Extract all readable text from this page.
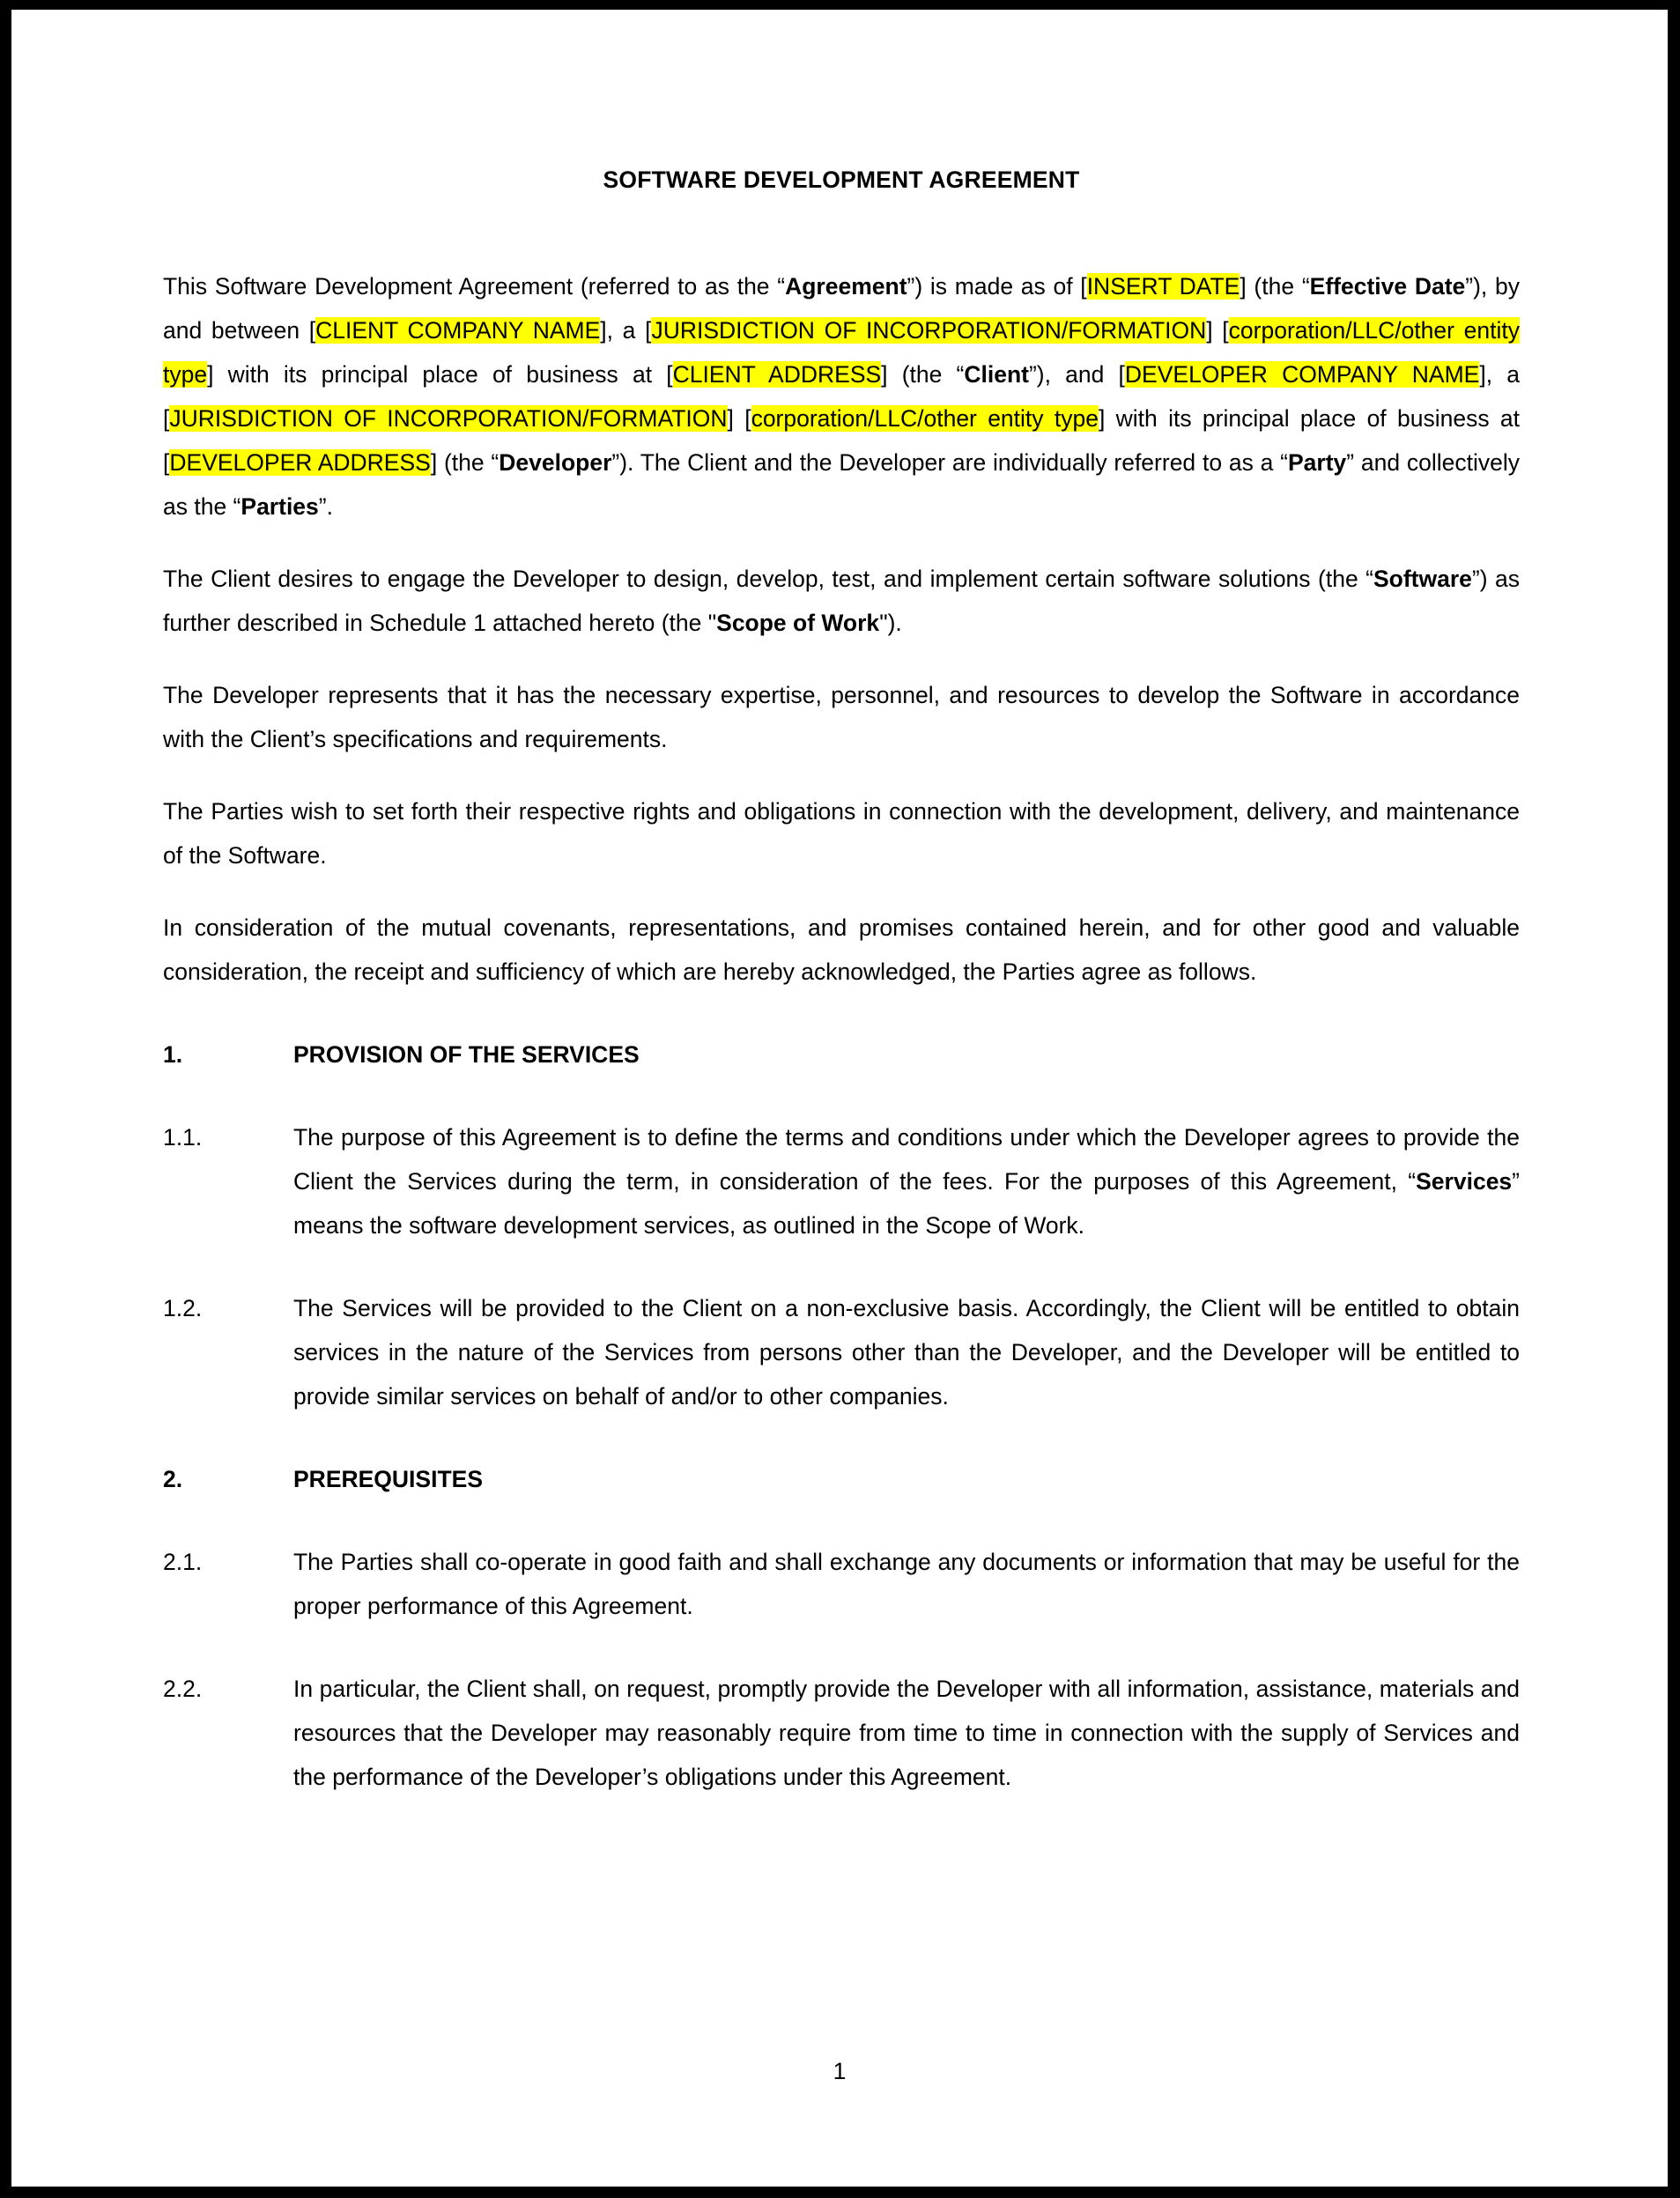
SOFTWARE DEVELOPMENT AGREEMENT

This Software Development Agreement (referred to as the “Agreement”) is made as of [INSERT DATE] (the “Effective Date”), by and between [CLIENT COMPANY NAME], a [JURISDICTION OF INCORPORATION/FORMATION] [corporation/LLC/other entity type] with its principal place of business at [CLIENT ADDRESS] (the “Client”), and [DEVELOPER COMPANY NAME], a [JURISDICTION OF INCORPORATION/FORMATION] [corporation/LLC/other entity type] with its principal place of business at [DEVELOPER ADDRESS] (the “Developer”). The Client and the Developer are individually referred to as a “Party” and collectively as the “Parties”.

The Client desires to engage the Developer to design, develop, test, and implement certain software solutions (the “Software”) as further described in Schedule 1 attached hereto (the "Scope of Work").

The Developer represents that it has the necessary expertise, personnel, and resources to develop the Software in accordance with the Client’s specifications and requirements.

The Parties wish to set forth their respective rights and obligations in connection with the development, delivery, and maintenance of the Software.

In consideration of the mutual covenants, representations, and promises contained herein, and for other good and valuable consideration, the receipt and sufficiency of which are hereby acknowledged, the Parties agree as follows.

1.	PROVISION OF THE SERVICES
1.1.	The purpose of this Agreement is to define the terms and conditions under which the Developer agrees to provide the Client the Services during the term, in consideration of the fees. For the purposes of this Agreement, “Services” means the software development services, as outlined in the Scope of Work.
1.2.	The Services will be provided to the Client on a non-exclusive basis. Accordingly, the Client will be entitled to obtain services in the nature of the Services from persons other than the Developer, and the Developer will be entitled to provide similar services on behalf of and/or to other companies.
2.	PREREQUISITES
2.1.	The Parties shall co-operate in good faith and shall exchange any documents or information that may be useful for the proper performance of this Agreement.
2.2.	In particular, the Client shall, on request, promptly provide the Developer with all information, assistance, materials and resources that the Developer may reasonably require from time to time in connection with the supply of Services and the performance of the Developer’s obligations under this Agreement.
1
